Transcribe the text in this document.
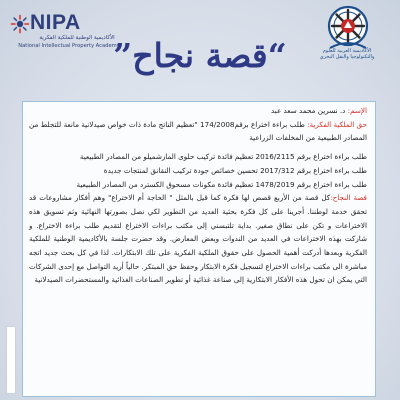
NIPA
الأكاديمية الوطنية للملكية الفكرية
National Intellectual Property Academy
الأكاديمية العربية للعلوم
والتكنولوجيا والنقل البحري
“قصة نجاح”

الإسم: د. نسرين محمد سعد عبد

حق الملكية الفكرية: طلب براءة اختراع برقم174/2008 "تعظيم الناتج مادة ذات خواص صيدلانية مانعة للتجلط من المصادر الطبيعية من المخلفات الزراعية

طلب براءة اختراع برقم 2016/2115 تعظيم فائدة تركيب حلوى المارشميلو من المصادر الطبيعية

طلب براءة اختراع برقم 2017/312 تحسين خصائص جودة تركيب النقانق لمنتجات جديدة

طلب براءة اختراع برقم 1478/2019 تعظيم فائدة مكونات مسحوق الكسترد من المصادر الطبيعية

قصة النجاح:كل قصة من الأربع قصص لها فكرة كما قيل بالمثل " الحاجة أم الاختراع" وهم أفكار مشاروعات قد تحقق خدمة لوطننا. أجرينا على كل فكرة بحثية العديد من التطوير لكي نصل بصورتها النهائية وثم تسويق هذه الاختراعات و تكن على نطاق صغير. بداية تلتبسني إلى مكتب براءات الاختراع لتقديم طلب براءة الاختراع. و شاركت بهذه الاختراعات في العديد من الندوات وبعض المعارض. وقد حضرت جلسة بالأكاديمية الوطنية للملكية الفكرية وبعدها أدركت أهمية الحصول على حقوق الملكية الفكرية على تلك الابتكارات. لذا في كل بحث جديد اتجه مباشرة الى مكتب براءات الاختراع لتسجيل فكرة الابتكار وحفظ حق المبتكر. حالياً أريد التواصل مع إحدى الشركات التي يمكن ان تحول هذه الأفكار الابتكارية إلى صناعة غذائية أو تطوير الصناعات الغذائية والمستحضرات الصيدلانية
